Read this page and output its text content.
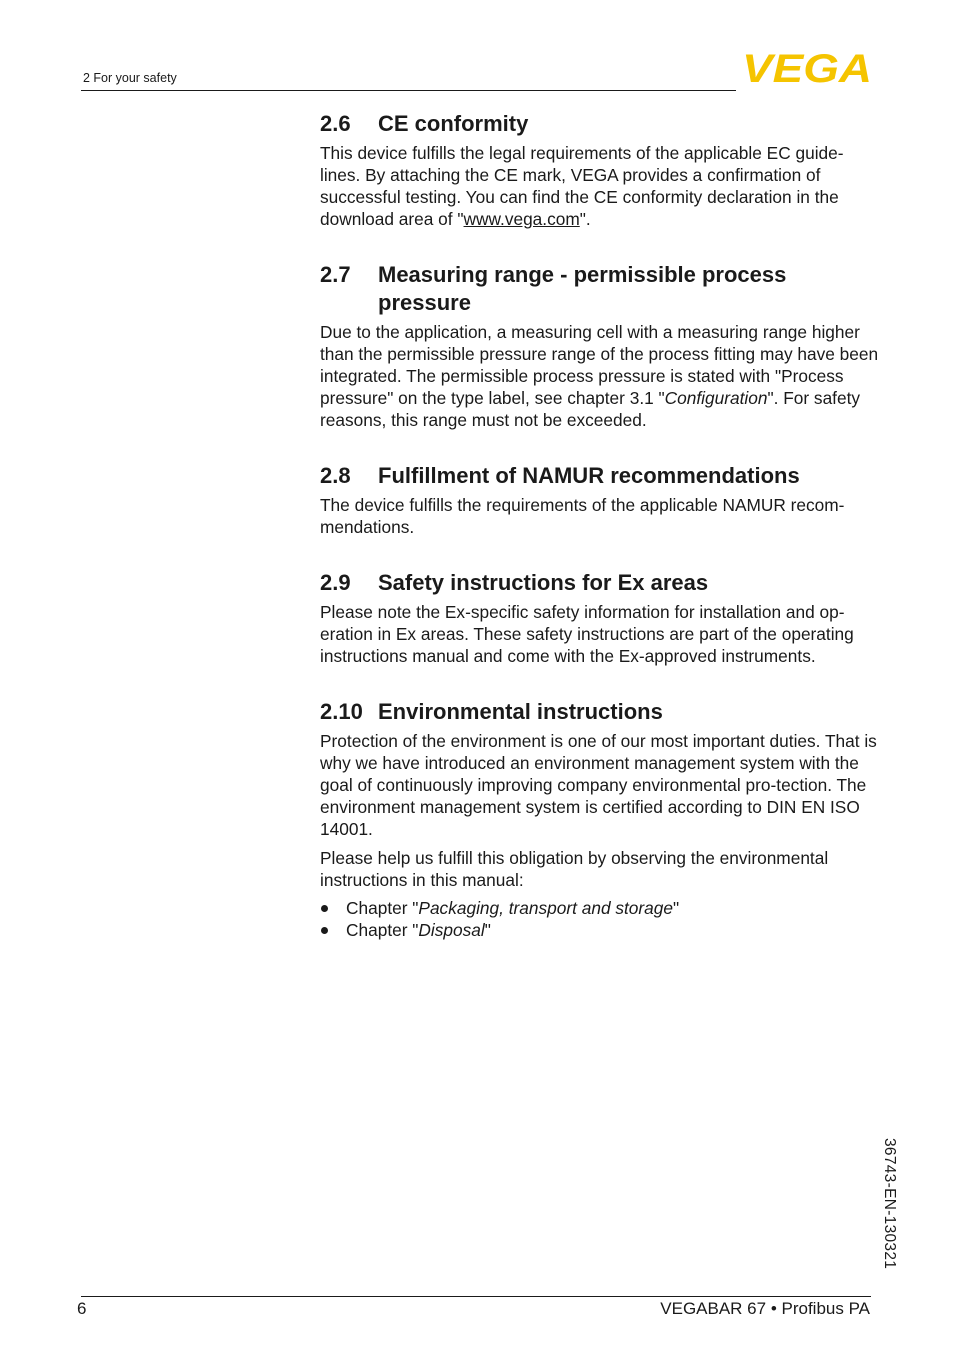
2 For your safety	VEGA
2.6	CE conformity

This device fulfills the legal requirements of the applicable EC guide-lines. By attaching the CE mark, VEGA provides a confirmation of successful testing. You can find the CE conformity declaration in the download area of "www.vega.com".

2.7	Measuring range - permissible process pressure

Due to the application, a measuring cell with a measuring range higher than the permissible pressure range of the process fitting may have been integrated. The permissible process pressure is stated with "Process pressure" on the type label, see chapter 3.1 "Configuration". For safety reasons, this range must not be exceeded.

2.8	Fulfillment of NAMUR recommendations

The device fulfills the requirements of the applicable NAMUR recom-mendations.

2.9	Safety instructions for Ex areas

Please note the Ex-specific safety information for installation and op-eration in Ex areas. These safety instructions are part of the operating instructions manual and come with the Ex-approved instruments.

2.10 Environmental instructions

Protection of the environment is one of our most important duties. That is why we have introduced an environment management system with the goal of continuously improving company environmental pro-tection. The environment management system is certified according to DIN EN ISO 14001.

Please help us fulfill this obligation by observing the environmental instructions in this manual:

Chapter "Packaging, transport and storage"
Chapter "Disposal"
36743-EN-130321
6	VEGABAR 67 • Profibus PA
